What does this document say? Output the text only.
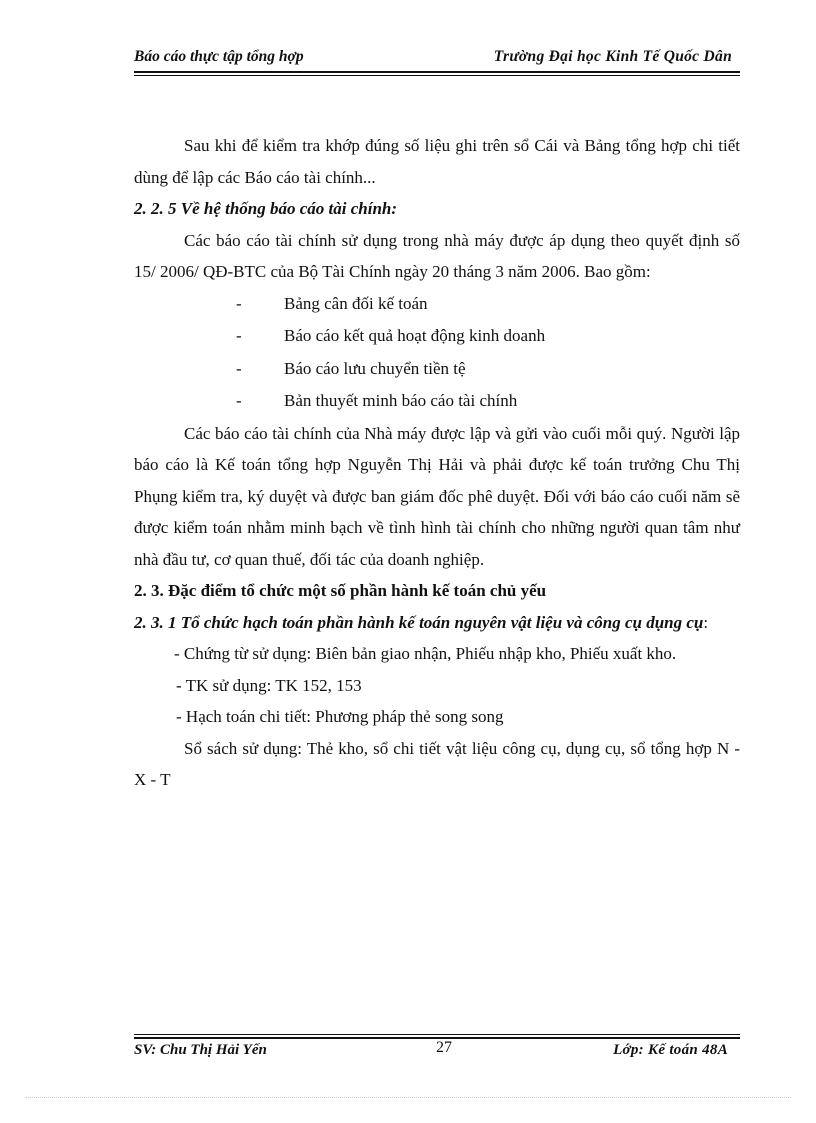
Báo cáo thực tập tổng hợp	Trường Đại học Kinh Tế Quốc Dân

Sau khi để kiểm tra khớp đúng số liệu ghi trên sổ Cái và Bảng tổng hợp chi tiết dùng để lập các Báo cáo tài chính...

2. 2. 5 Về hệ thống báo cáo tài chính:

Các báo cáo tài chính sử dụng trong nhà máy được áp dụng theo quyết định số 15/ 2006/ QĐ-BTC của Bộ Tài Chính ngày 20 tháng 3 năm 2006. Bao gồm:

- Bảng cân đối kế toán
- Báo cáo kết quả hoạt động kinh doanh
- Báo cáo lưu chuyển tiền tệ
- Bản thuyết minh báo cáo tài chính

Các báo cáo tài chính của Nhà máy được lập và gửi vào cuối mỗi quý. Người lập báo cáo là Kế toán tổng hợp Nguyễn Thị Hải và phải được kế toán trưởng Chu Thị Phụng kiểm tra, ký duyệt và được ban giám đốc phê duyệt. Đối với báo cáo cuối năm sẽ được kiểm toán nhằm minh bạch về tình hình tài chính cho những người quan tâm như nhà đầu tư, cơ quan thuế, đối tác của doanh nghiệp.

2. 3. Đặc điểm tổ chức một số phần hành kế toán chủ yếu

2. 3. 1 Tổ chức hạch toán phần hành kế toán nguyên vật liệu và công cụ dụng cụ:

- Chứng từ sử dụng: Biên bản giao nhận, Phiếu nhập kho, Phiếu xuất kho.

- TK sử dụng: TK 152, 153

- Hạch toán chi tiết: Phương pháp thẻ song song

Sổ sách sử dụng: Thẻ kho, sổ chi tiết vật liệu công cụ, dụng cụ, sổ tổng hợp N - X - T

SV: Chu Thị Hải Yến	27	Lớp: Kế toán 48A
